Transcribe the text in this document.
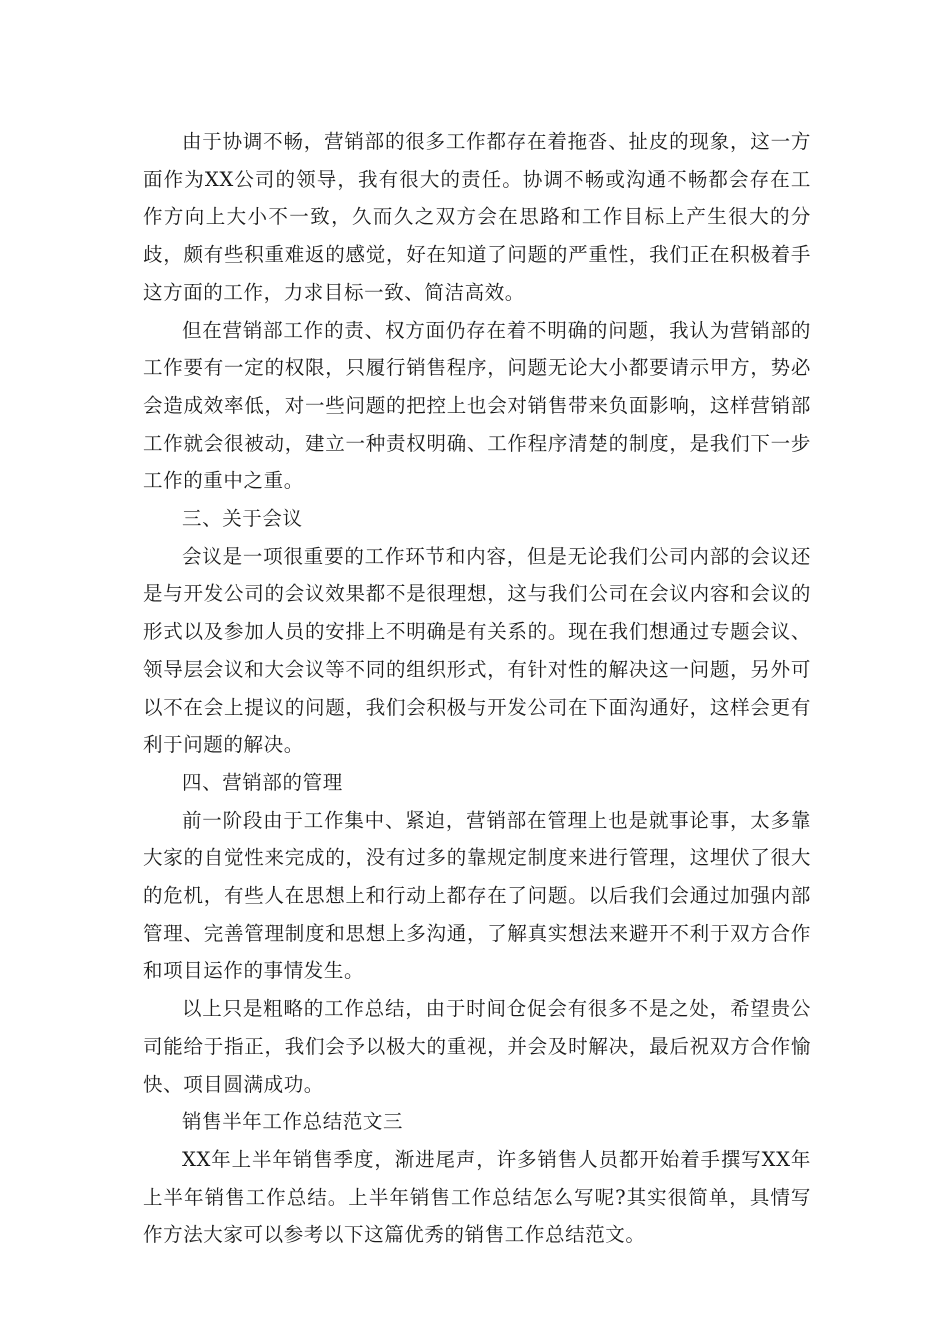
由于协调不畅，营销部的很多工作都存在着拖沓、扯皮的现象，这一方面作为XX公司的领导，我有很大的责任。协调不畅或沟通不畅都会存在工作方向上大小不一致，久而久之双方会在思路和工作目标上产生很大的分歧，颇有些积重难返的感觉，好在知道了问题的严重性，我们正在积极着手这方面的工作，力求目标一致、简洁高效。

但在营销部工作的责、权方面仍存在着不明确的问题，我认为营销部的工作要有一定的权限，只履行销售程序，问题无论大小都要请示甲方，势必会造成效率低，对一些问题的把控上也会对销售带来负面影响，这样营销部工作就会很被动，建立一种责权明确、工作程序清楚的制度，是我们下一步工作的重中之重。

三、关于会议

会议是一项很重要的工作环节和内容，但是无论我们公司内部的会议还是与开发公司的会议效果都不是很理想，这与我们公司在会议内容和会议的形式以及参加人员的安排上不明确是有关系的。现在我们想通过专题会议、领导层会议和大会议等不同的组织形式，有针对性的解决这一问题，另外可以不在会上提议的问题，我们会积极与开发公司在下面沟通好，这样会更有利于问题的解决。

四、营销部的管理

前一阶段由于工作集中、紧迫，营销部在管理上也是就事论事，太多靠大家的自觉性来完成的，没有过多的靠规定制度来进行管理，这埋伏了很大的危机，有些人在思想上和行动上都存在了问题。以后我们会通过加强内部管理、完善管理制度和思想上多沟通，了解真实想法来避开不利于双方合作和项目运作的事情发生。

以上只是粗略的工作总结，由于时间仓促会有很多不是之处，希望贵公司能给于指正，我们会予以极大的重视，并会及时解决，最后祝双方合作愉快、项目圆满成功。

销售半年工作总结范文三

XX年上半年销售季度，渐进尾声，许多销售人员都开始着手撰写XX年上半年销售工作总结。上半年销售工作总结怎么写呢?其实很简单，具情写作方法大家可以参考以下这篇优秀的销售工作总结范文。
